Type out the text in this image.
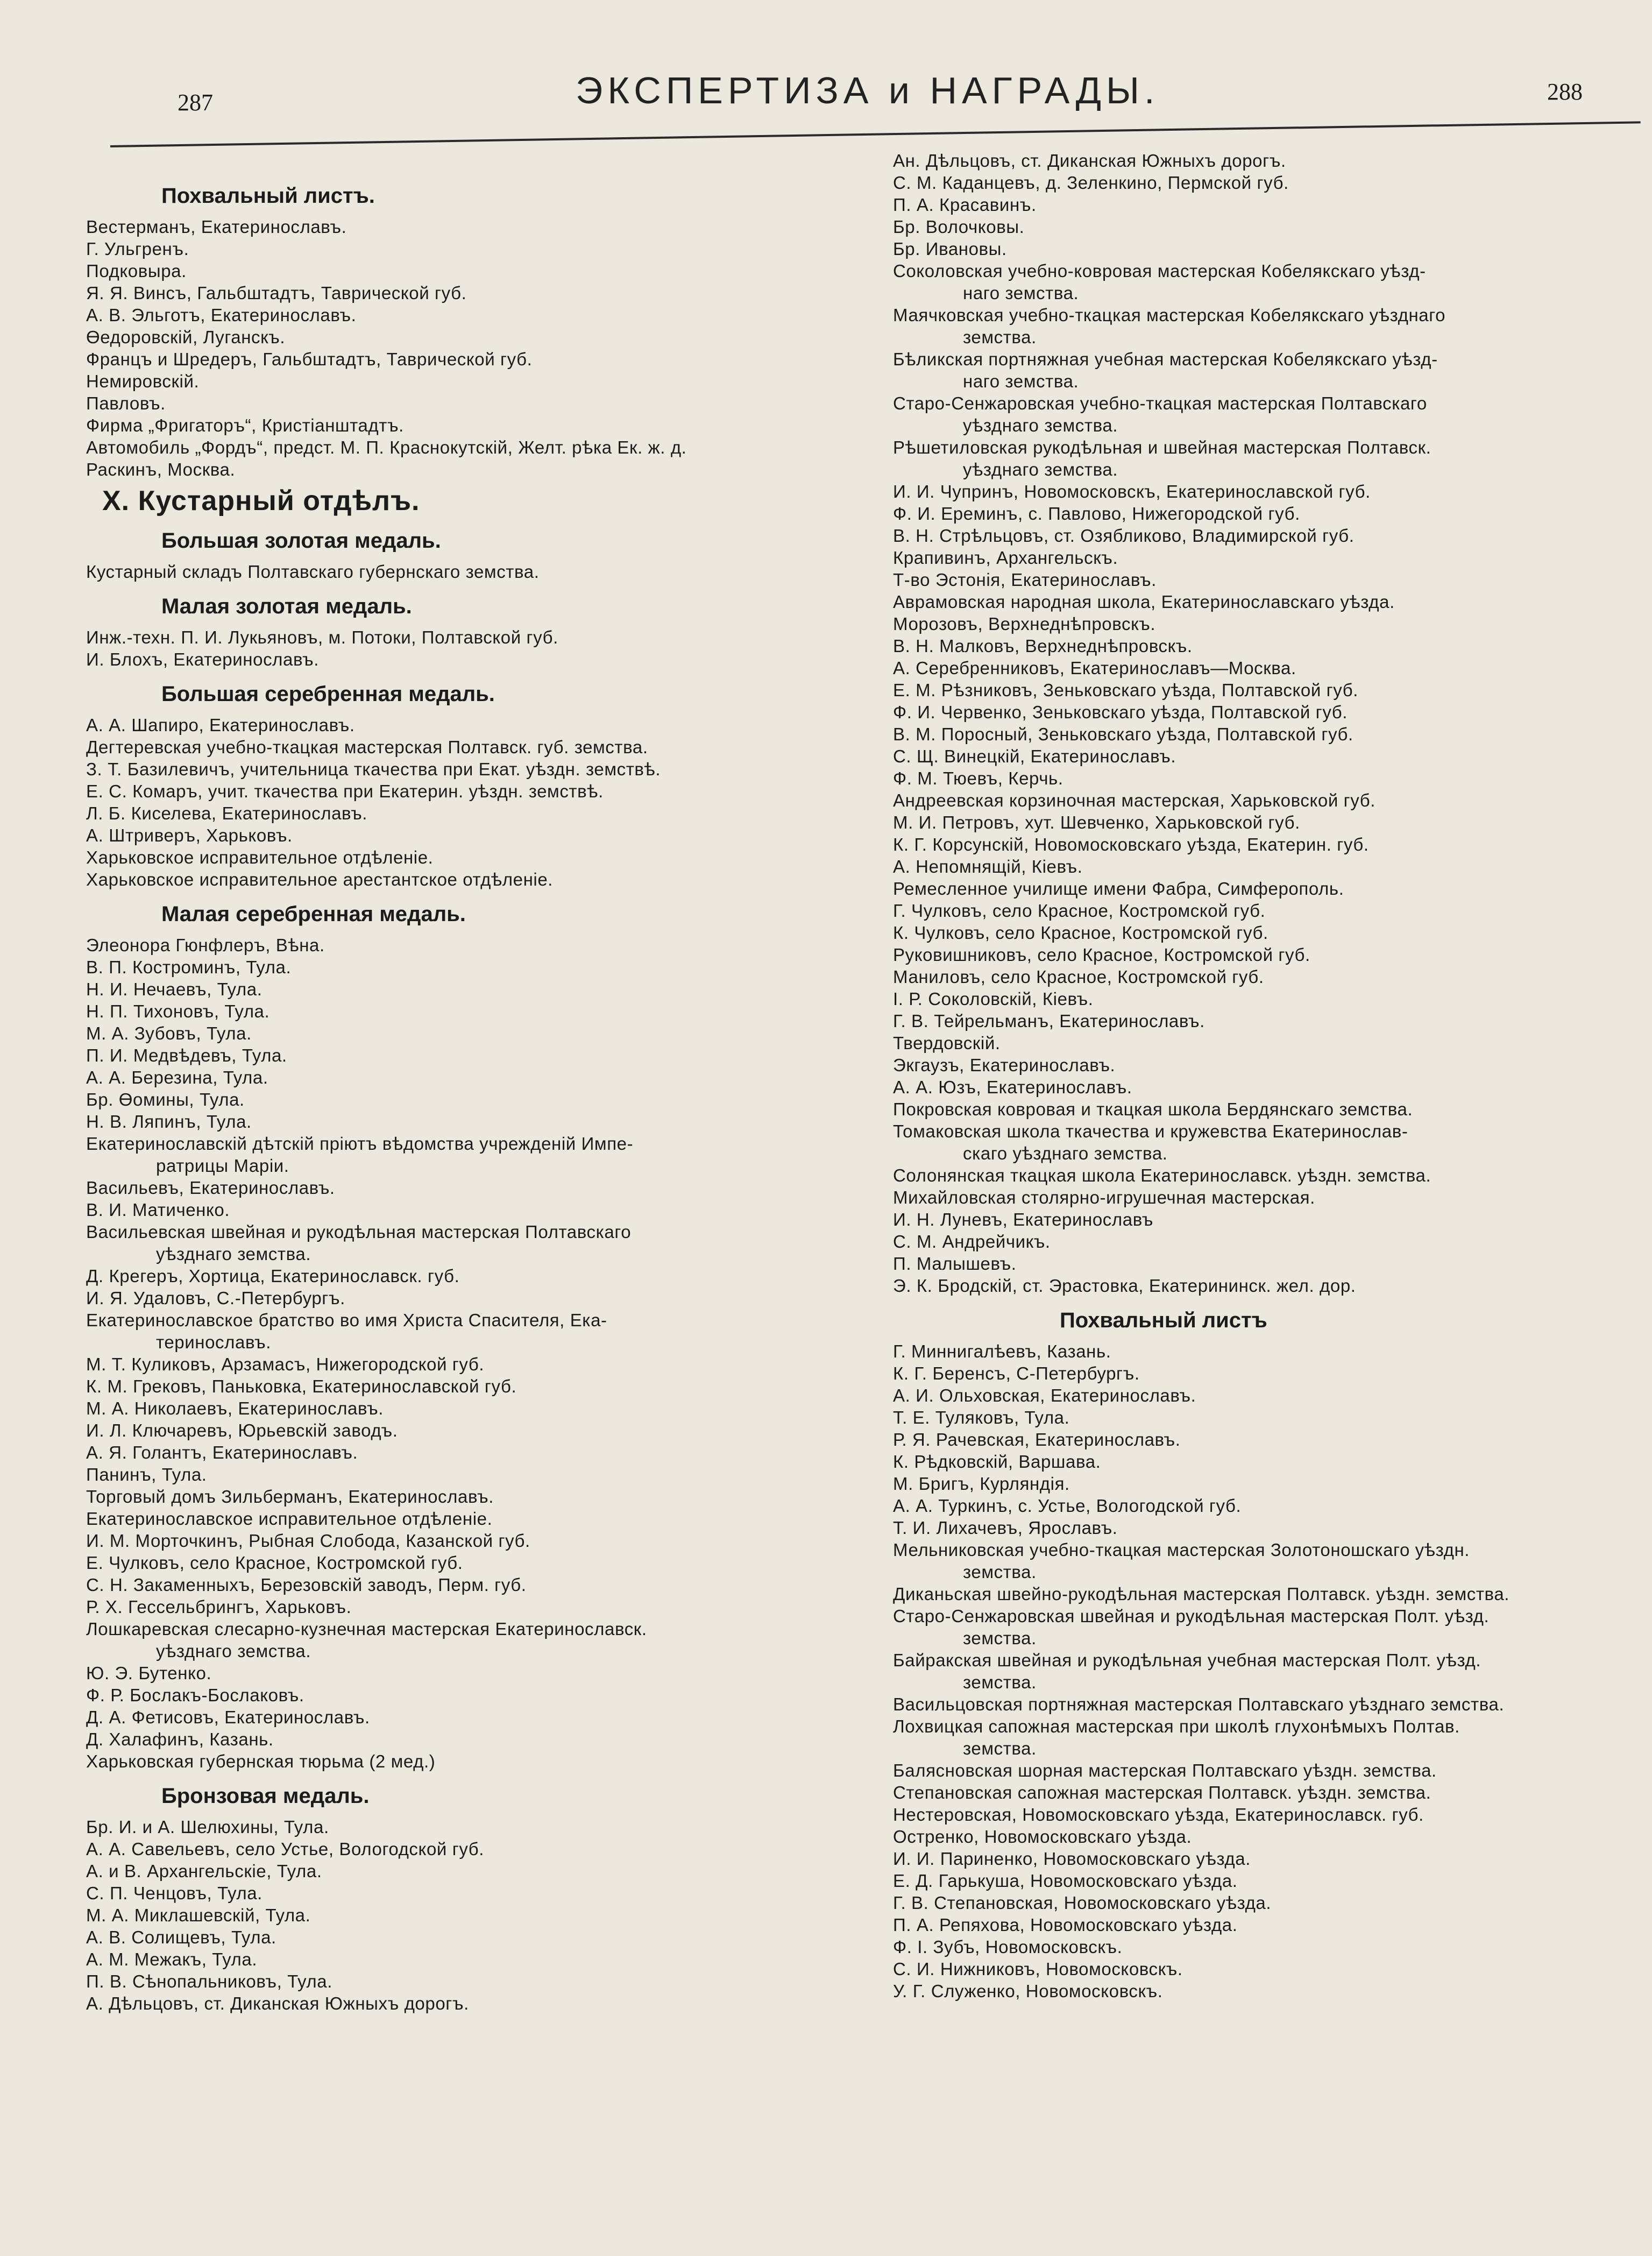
287	ЭКСПЕРТИЗА и НАГРАДЫ.	288
Похвальный листъ.

Вестерманъ, Екатеринославъ.

Г. Ульгренъ.

Подковыра.

Я. Я. Винсъ, Гальбштадтъ, Таврической губ.

А. В. Эльготъ, Екатеринославъ.

Өедоровскій, Луганскъ.

Францъ и Шредеръ, Гальбштадтъ, Таврической губ.

Немировскій.

Павловъ.

Фирма „Фригаторъ“, Кристіанштадтъ.

Автомобиль „Фордъ“, предст. М. П. Краснокутскій, Желт. рѣка Ек. ж. д.

Раскинъ, Москва.

X. Кустарный отдѣлъ.
Большая золотая медаль.

Кустарный складъ Полтавскаго губернскаго земства.

Малая золотая медаль.

Инж.-техн. П. И. Лукьяновъ, м. Потоки, Полтавской губ.

И. Блохъ, Екатеринославъ.

Большая серебренная медаль.

А. А. Шапиро, Екатеринославъ.

Дегтеревская учебно-ткацкая мастерская Полтавск. губ. земства.

З. Т. Базилевичъ, учительница ткачества при Екат. уѣздн. земствѣ.

Е. С. Комаръ, учит. ткачества при Екатерин. уѣздн. земствѣ.

Л. Б. Киселева, Екатеринославъ.

А. Штриверъ, Харьковъ.

Харьковское исправительное отдѣленіе.

Харьковское исправительное арестантское отдѣленіе.

Малая серебренная медаль.

Элеонора Гюнфлеръ, Вѣна.

В. П. Костроминъ, Тула.

Н. И. Нечаевъ, Тула.

Н. П. Тихоновъ, Тула.

М. А. Зубовъ, Тула.

П. И. Медвѣдевъ, Тула.

А. А. Березина, Тула.

Бр. Өомины, Тула.

Н. В. Ляпинъ, Тула.

Екатеринославскій дѣтскій пріютъ вѣдомства учрежденій Импе-
ратрицы Маріи.

Васильевъ, Екатеринославъ.

В. И. Матиченко.

Васильевская швейная и рукодѣльная мастерская Полтавскаго
уѣзднаго земства.

Д. Крегеръ, Хортица, Екатеринославск. губ.

И. Я. Удаловъ, С.-Петербургъ.

Екатеринославское братство во имя Христа Спасителя, Ека-
теринославъ.

М. Т. Куликовъ, Арзамасъ, Нижегородской губ.

К. М. Грековъ, Паньковка, Екатеринославской губ.

М. А. Николаевъ, Екатеринославъ.

И. Л. Ключаревъ, Юрьевскій заводъ.

А. Я. Голантъ, Екатеринославъ.

Панинъ, Тула.

Торговый домъ Зильберманъ, Екатеринославъ.

Екатеринославское исправительное отдѣленіе.

И. М. Морточкинъ, Рыбная Слобода, Казанской губ.

Е. Чулковъ, село Красное, Костромской губ.

С. Н. Закаменныхъ, Березовскій заводъ, Перм. губ.

Р. Х. Гессельбрингъ, Харьковъ.

Лошкаревская слесарно-кузнечная мастерская Екатеринославск.
уѣзднаго земства.

Ю. Э. Бутенко.

Ф. Р. Бослакъ-Бослаковъ.

Д. А. Фетисовъ, Екатеринославъ.

Д. Халафинъ, Казань.

Харьковская губернская тюрьма (2 мед.)

Бронзовая медаль.

Бр. И. и А. Шелюхины, Тула.

А. А. Савельевъ, село Устье, Вологодской губ.

А. и В. Архангельскіе, Тула.

С. П. Ченцовъ, Тула.

М. А. Миклашевскій, Тула.

А. В. Солищевъ, Тула.

А. М. Межакъ, Тула.

П. В. Сѣнопальниковъ, Тула.

А. Дѣльцовъ, ст. Диканская Южныхъ дорогъ.

Ан. Дѣльцовъ, ст. Диканская Южныхъ дорогъ.

С. М. Каданцевъ, д. Зеленкино, Пермской губ.

П. А. Красавинъ.

Бр. Волочковы.

Бр. Ивановы.

Соколовская учебно-ковровая мастерская Кобелякскаго уѣзд-
наго земства.

Маячковская учебно-ткацкая мастерская Кобелякскаго уѣзднаго
земства.

Бѣликская портняжная учебная мастерская Кобелякскаго уѣзд-
наго земства.

Старо-Сенжаровская учебно-ткацкая мастерская Полтавскаго
уѣзднаго земства.

Рѣшетиловская рукодѣльная и швейная мастерская Полтавск.
уѣзднаго земства.

И. И. Чупринъ, Новомосковскъ, Екатеринославской губ.

Ф. И. Ереминъ, с. Павлово, Нижегородской губ.

В. Н. Стрѣльцовъ, ст. Озябликово, Владимирской губ.

Крапивинъ, Архангельскъ.

Т-во Эстонія, Екатеринославъ.

Аврамовская народная школа, Екатеринославскаго уѣзда.

Морозовъ, Верхнеднѣпровскъ.

В. Н. Малковъ, Верхнеднѣпровскъ.

А. Серебренниковъ, Екатеринославъ—Москва.

Е. М. Рѣзниковъ, Зеньковскаго уѣзда, Полтавской губ.

Ф. И. Червенко, Зеньковскаго уѣзда, Полтавской губ.

В. М. Поросный, Зеньковскаго уѣзда, Полтавской губ.

С. Щ. Винецкій, Екатеринославъ.

Ф. М. Тюевъ, Керчь.

Андреевская корзиночная мастерская, Харьковской губ.

М. И. Петровъ, хут. Шевченко, Харьковской губ.

К. Г. Корсунскій, Новомосковскаго уѣзда, Екатерин. губ.

А. Непомнящій, Кіевъ.

Ремесленное училище имени Фабра, Симферополь.

Г. Чулковъ, село Красное, Костромской губ.

К. Чулковъ, село Красное, Костромской губ.

Руковишниковъ, село Красное, Костромской губ.

Маниловъ, село Красное, Костромской губ.

І. Р. Соколовскій, Кіевъ.

Г. В. Тейрельманъ, Екатеринославъ.

Твердовскій.

Экгаузъ, Екатеринославъ.

А. А. Юзъ, Екатеринославъ.

Покровская ковровая и ткацкая школа Бердянскаго земства.

Томаковская школа ткачества и кружевства Екатеринослав-
скаго уѣзднаго земства.

Солонянская ткацкая школа Екатеринославск. уѣздн. земства.

Михайловская столярно-игрушечная мастерская.

И. Н. Луневъ, Екатеринославъ

С. М. Андрейчикъ.

П. Малышевъ.

Э. К. Бродскій, ст. Эрастовка, Екатерининск. жел. дор.

Похвальный листъ

Г. Миннигалѣевъ, Казань.

К. Г. Беренсъ, С-Петербургъ.

А. И. Ольховская, Екатеринославъ.

Т. Е. Туляковъ, Тула.

Р. Я. Рачевская, Екатеринославъ.

К. Рѣдковскій, Варшава.

М. Бригъ, Курляндія.

А. А. Туркинъ, с. Устье, Вологодской губ.

Т. И. Лихачевъ, Ярославъ.

Мельниковская учебно-ткацкая мастерская Золотоношскаго уѣздн.
земства.

Диканьская швейно-рукодѣльная мастерская Полтавск. уѣздн. земства.

Старо-Сенжаровская швейная и рукодѣльная мастерская Полт. уѣзд.
земства.

Байракская швейная и рукодѣльная учебная мастерская Полт. уѣзд.
земства.

Васильцовская портняжная мастерская Полтавскаго уѣзднаго земства.

Лохвицкая сапожная мастерская при школѣ глухонѣмыхъ Полтав.
земства.

Балясновская шорная мастерская Полтавскаго уѣздн. земства.

Степановская сапожная мастерская Полтавск. уѣздн. земства.

Нестеровская, Новомосковскаго уѣзда, Екатеринославск. губ.

Остренко, Новомосковскаго уѣзда.

И. И. Париненко, Новомосковскаго уѣзда.

Е. Д. Гарькуша, Новомосковскаго уѣзда.

Г. В. Степановская, Новомосковскаго уѣзда.

П. А. Репяхова, Новомосковскаго уѣзда.

Ф. І. Зубъ, Новомосковскъ.

С. И. Нижниковъ, Новомосковскъ.

У. Г. Служенко, Новомосковскъ.
